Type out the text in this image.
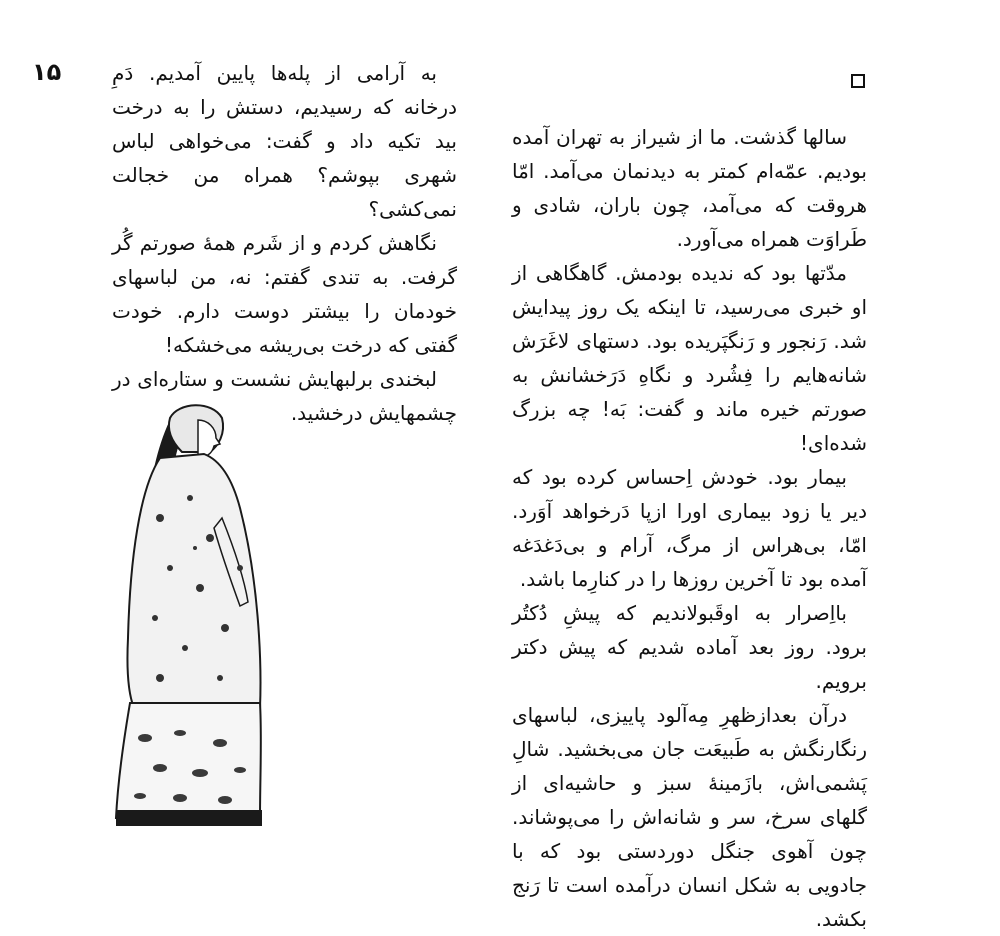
۱۵	به آرامی از پله‌ها پایین آمدیم. دَمِ درخانه که رسیدیم، دستش را به درخت بید تکیه داد و گفت: می‌خواهی لباس شهری بپوشم؟ همراه من خجالت نمی‌کشی؟

نگاهش کردم و از شَرم همهٔ صورتم گُر گرفت. به تندی گفتم: نه، من لباسهای خودمان را بیشتر دوست دارم. خودت گفتی که درخت بی‌ریشه می‌خشکه!

لبخندی برلبهایش نشست و ستاره‌ای در چشمهایش درخشید.

سالها گذشت. ما از شیراز به تهران آمده بودیم. عمّه‌ام کمتر به دیدنمان می‌آمد. امّا هروقت که می‌آمد، چون باران، شادی و طَراوَت همراه می‌آورد.

مدّتها بود که ندیده بودمش. گاهگاهی از او خبری می‌رسید، تا اینکه یک روز پیدایش شد. رَنجور و رَنگپَریده بود. دستهای لاغَرَش شانه‌هایم را فِشُرد و نگاهِ دَرَخشانش به صورتم خیره ماند و گفت: بَه! چه بزرگ شده‌ای!

بیمار بود. خودش اِحساس کرده بود که دیر یا زود بیماری اورا ازپا دَرخواهد آوَرد. امّا، بی‌هراس از مرگ، آرام و بی‌دَغدَغه آمده بود تا آخرین روزها را در کنارِما باشد.

بااِصرار به اوقَبولاندیم که پیشِ دُکتُر برود. روز بعد آماده شدیم که پیش دکتر برویم.

درآن بعدازظهرِ مِه‌آلود پاییزی، لباسهای رنگارنگش به طَبیعَت جان می‌بخشید. شالِ پَشمی‌اش، بازَمینهٔ سبز و حاشیه‌ای از گلهای سرخ، سر و شانه‌اش را می‌پوشاند. چون آهوی جنگل دوردستی بود که با جادویی به شکل انسان درآمده است تا رَنج بکشد.
